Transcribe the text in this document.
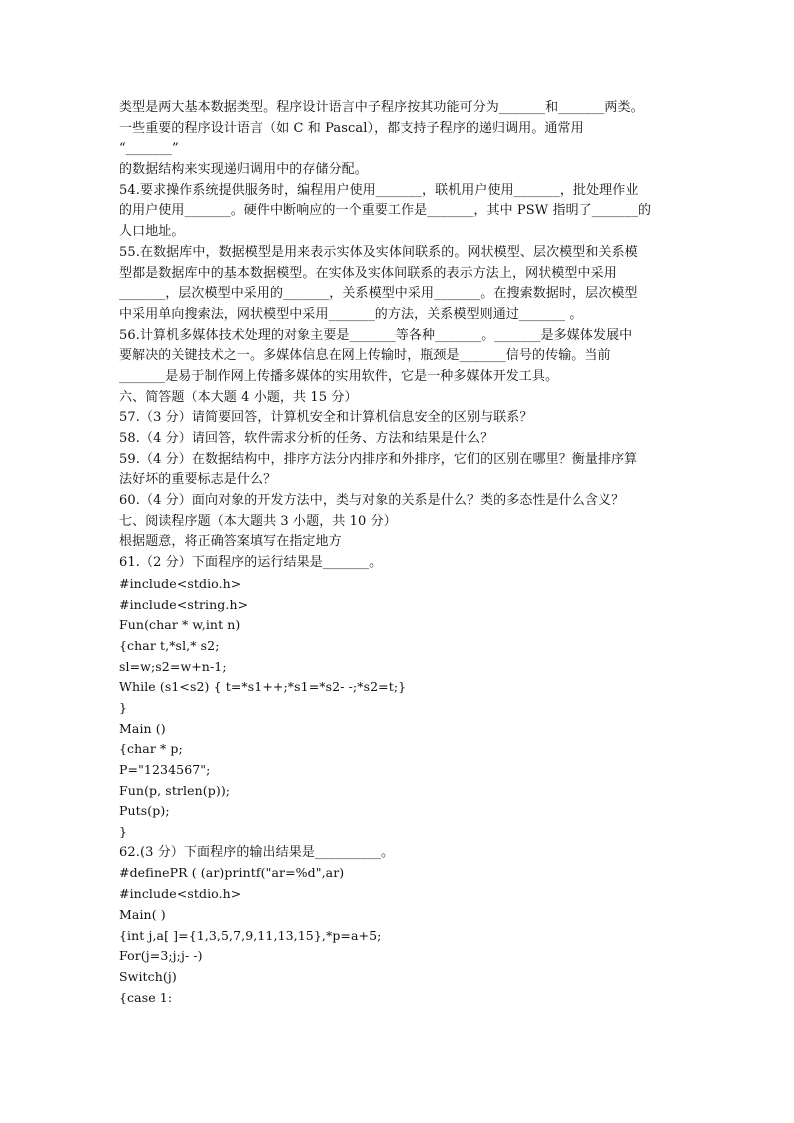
类型是两大基本数据类型。程序设计语言中子程序按其功能可分为_______和_______两类。
一些重要的程序设计语言（如 C 和 Pascal），都支持子程序的递归调用。通常用
“_______”
的数据结构来实现递归调用中的存储分配。
54.要求操作系统提供服务时，编程用户使用_______，联机用户使用_______，批处理作业
的用户使用_______。硬件中断响应的一个重要工作是_______，其中 PSW 指明了_______的
人口地址。
55.在数据库中，数据模型是用来表示实体及实体间联系的。网状模型、层次模型和关系模
型都是数据库中的基本数据模型。在实体及实体间联系的表示方法上，网状模型中采用
_______，层次模型中采用的_______，关系模型中采用_______。在搜索数据时，层次模型
中采用单向搜索法，网状模型中采用_______的方法，关系模型则通过_______ 。
56.计算机多媒体技术处理的对象主要是_______等各种_______。_______是多媒体发展中
要解决的关键技术之一。多媒体信息在网上传输时，瓶颈是_______信号的传输。当前
_______是易于制作网上传播多媒体的实用软件，它是一种多媒体开发工具。
六、简答题（本大题 4 小题，共 15 分）
57.（3 分）请简要回答，计算机安全和计算机信息安全的区别与联系？
58.（4 分）请回答，软件需求分析的任务、方法和结果是什么？
59.（4 分）在数据结构中，排序方法分内排序和外排序，它们的区别在哪里？衡量排序算
法好坏的重要标志是什么？
60.（4 分）面向对象的开发方法中，类与对象的关系是什么？类的多态性是什么含义？
七、阅读程序题（本大题共 3 小题，共 10 分）
根据题意，将正确答案填写在指定地方
61.（2 分）下面程序的运行结果是_______。
#include<stdio.h>
#include<string.h>
Fun(char * w,int n)
{char t,*sl,* s2;
sl=w;s2=w+n-1;
While (s1<s2) { t=*s1++;*s1=*s2- -;*s2=t;}
}
Main ()
{char * p;
P="1234567";
Fun(p, strlen(p));
Puts(p);
}
62.(3 分）下面程序的输出结果是__________。
#definePR ( (ar)printf("ar=%d",ar)
#include<stdio.h>
Main( )
{int j,a[ ]={1,3,5,7,9,11,13,15},*p=a+5;
For(j=3;j;j- -)
Switch(j)
{case 1:
